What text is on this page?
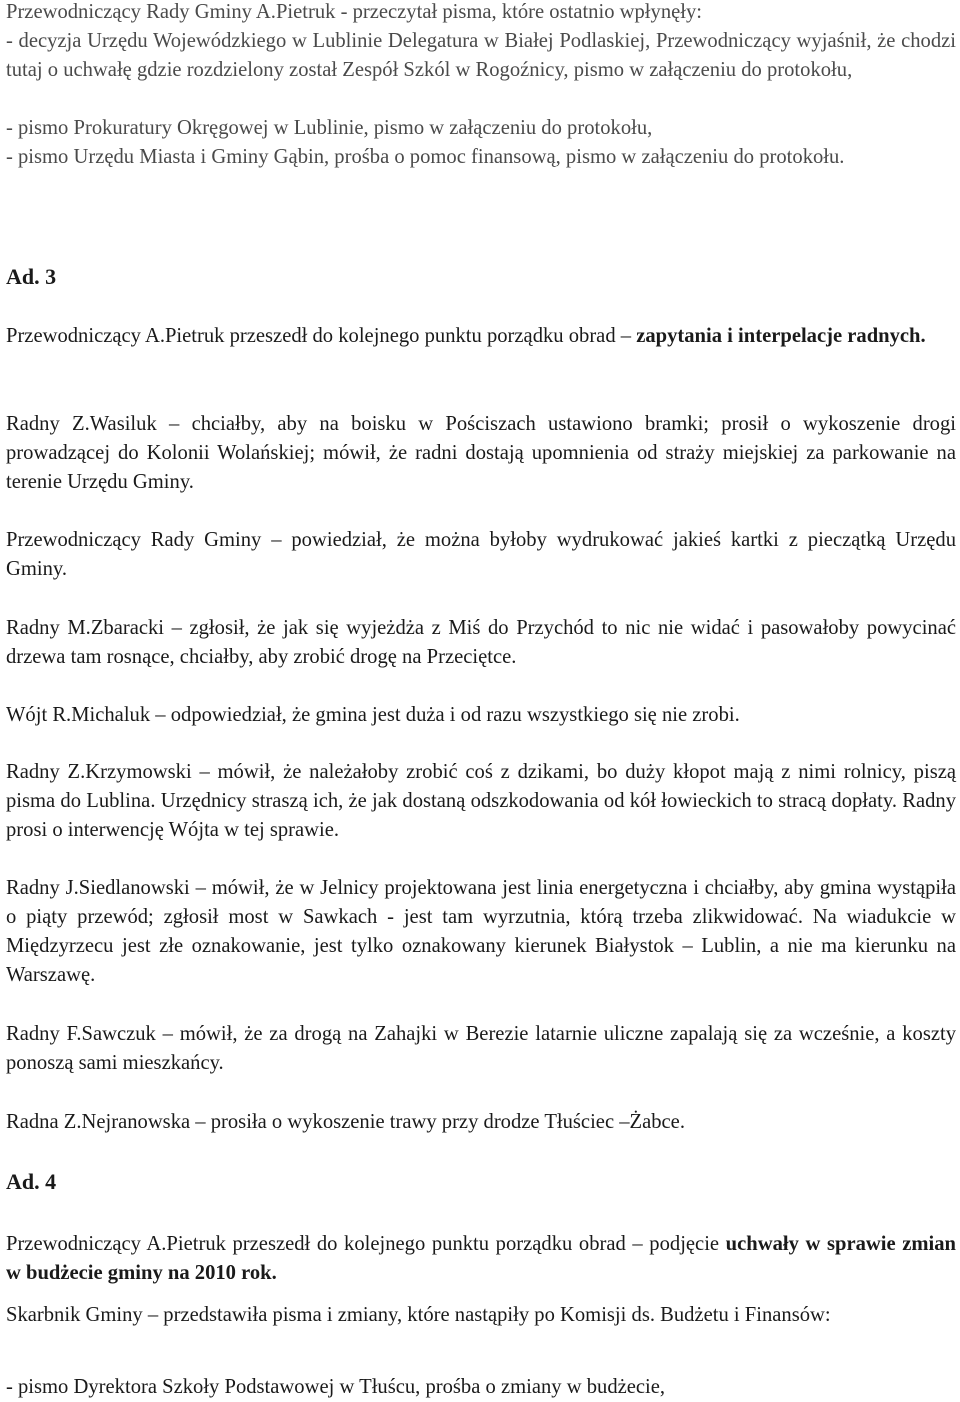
Przewodniczący Rady Gminy A.Pietruk - przeczytał pisma, które ostatnio wpłynęły:

- decyzja Urzędu Wojewódzkiego w Lublinie Delegatura w Białej Podlaskiej, Przewodniczący wyjaśnił, że chodzi tutaj o uchwałę gdzie rozdzielony został Zespół Szkól w Rogoźnicy, pismo w załączeniu do protokołu,

- pismo Prokuratury Okręgowej w Lublinie, pismo w załączeniu do protokołu,

- pismo Urzędu Miasta i Gminy Gąbin, prośba o pomoc finansową, pismo w załączeniu do protokołu.

Ad. 3

Przewodniczący A.Pietruk przeszedł do kolejnego punktu porządku obrad – zapytania i interpelacje radnych.

Radny Z.Wasiluk – chciałby, aby na boisku w Pościszach ustawiono bramki; prosił o wykoszenie drogi prowadzącej do Kolonii Wolańskiej; mówił, że radni dostają upomnienia od straży miejskiej za parkowanie na terenie Urzędu Gminy.

Przewodniczący Rady Gminy – powiedział, że można byłoby wydrukować jakieś kartki z pieczątką Urzędu Gminy.

Radny M.Zbaracki – zgłosił, że jak się wyjeżdża z Miś do Przychód to nic nie widać i pasowałoby powycinać drzewa tam rosnące, chciałby, aby zrobić drogę na Przeciętce.

Wójt R.Michaluk – odpowiedział, że gmina jest duża i od razu wszystkiego się nie zrobi.

Radny Z.Krzymowski – mówił, że należałoby zrobić coś z dzikami, bo duży kłopot mają z nimi rolnicy, piszą pisma do Lublina. Urzędnicy straszą ich, że jak dostaną odszkodowania od kół łowieckich to stracą dopłaty. Radny prosi o interwencję Wójta w tej sprawie.

Radny J.Siedlanowski – mówił, że w Jelnicy projektowana jest linia energetyczna i chciałby, aby gmina wystąpiła o piąty przewód; zgłosił most w Sawkach - jest tam wyrzutnia, którą trzeba zlikwidować. Na wiadukcie w Międzyrzecu jest złe oznakowanie, jest tylko oznakowany kierunek Białystok – Lublin, a nie ma kierunku na Warszawę.

Radny F.Sawczuk – mówił, że za drogą na Zahajki w Berezie latarnie uliczne zapalają się za wcześnie, a koszty ponoszą sami mieszkańcy.

Radna Z.Nejranowska – prosiła o wykoszenie trawy przy drodze Tłuściec –Żabce.

Ad. 4

Przewodniczący A.Pietruk przeszedł do kolejnego punktu porządku obrad – podjęcie uchwały w sprawie zmian w budżecie gminy na 2010 rok.

Skarbnik Gminy – przedstawiła pisma i zmiany, które nastąpiły po Komisji ds. Budżetu i Finansów:

- pismo Dyrektora Szkoły Podstawowej w Tłuścu, prośba o zmiany w budżecie,
